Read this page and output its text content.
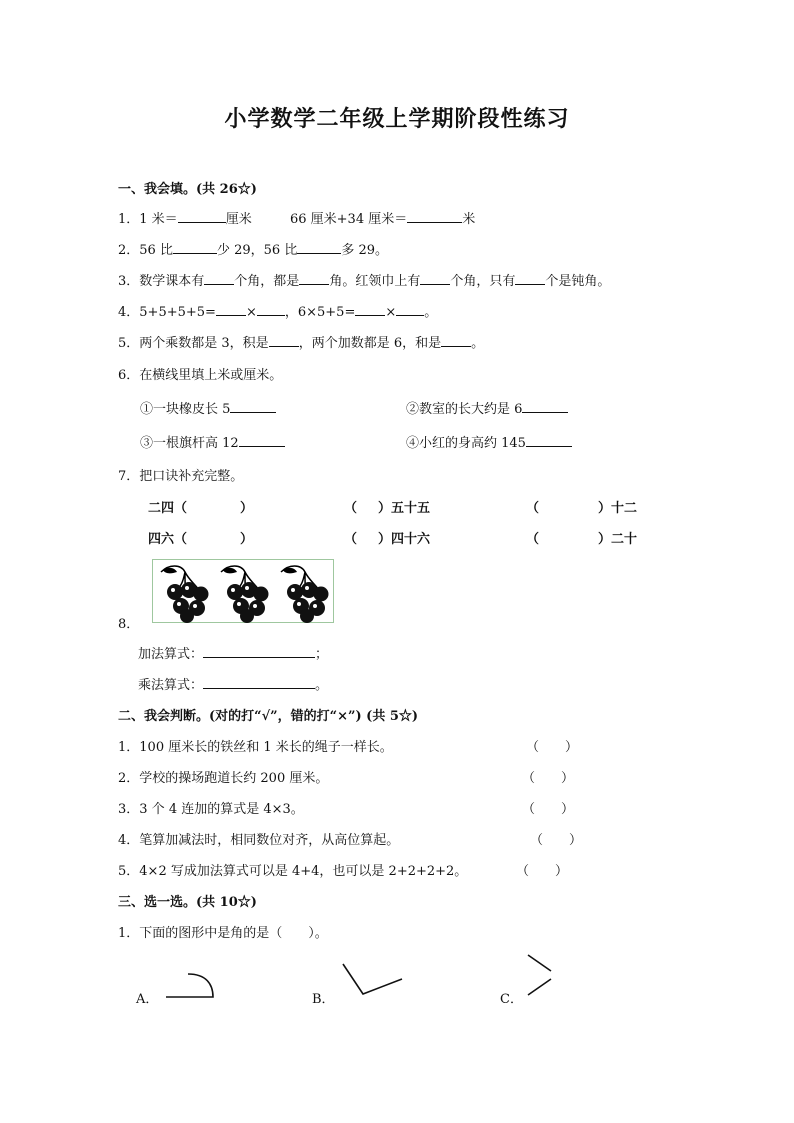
小学数学二年级上学期阶段性练习
一、我会填。(共 26☆)
1．1 米＝	厘米	66 厘米+34 厘米＝	米
2．56 比	少 29，56 比	多 29。
3．数学课本有 个角，都是 角。红领巾上有 个角，只有 个是钝角。
4．5+5+5+5= × ，6×5+5= × 。
5．两个乘数都是 3，积是 ，两个加数都是 6，和是 。
6．在横线里填上米或厘米。
①一块橡皮长 5	②教室的长大约是 6
③一根旗杆高 12	④小红的身高约 145
7．把口诀补充完整。
二四（	）	（ ）五十五	（	）十二
四六（	）	（ ）四十六	（	）二十
8．
加法算式：	；
乘法算式：	。
二、我会判断。(对的打“√”，错的打“×”) (共 5☆)
1．100 厘米长的铁丝和 1 米长的绳子一样长。	（　　）
2．学校的操场跑道长约 200 厘米。	（　　）
3．3 个 4 连加的算式是 4×3。	（　　）
4．笔算加减法时，相同数位对齐，从高位算起。	（　　）
5．4×2 写成加法算式可以是 4+4，也可以是 2+2+2+2。	（　　）
三、选一选。(共 10☆)
1．下面的图形中是角的是（　　）。
A．	B．	C．
